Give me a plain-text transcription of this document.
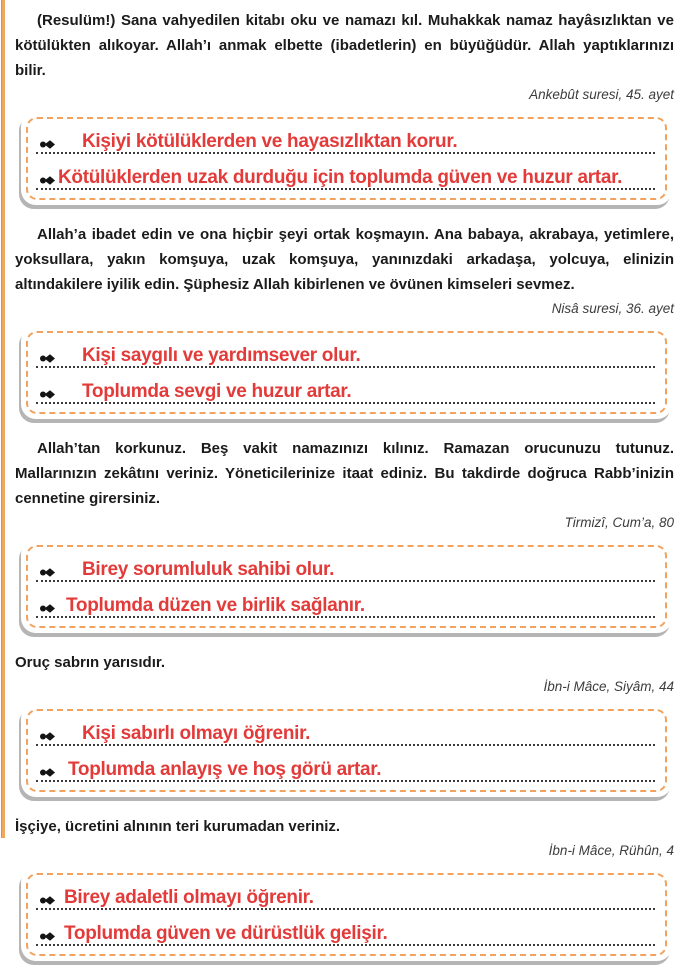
(Resulüm!) Sana vahyedilen kitabı oku ve namazı kıl. Muhakkak namaz hayâsızlıktan ve kötülükten alıkoyar. Allah’ı anmak elbette (ibadetlerin) en büyüğüdür. Allah yaptıklarınızı bilir.

Ankebût suresi, 45. ayet

Kişiyi kötülüklerden ve hayasızlıktan korur.
Kötülüklerden uzak durduğu için toplumda güven ve huzur artar.

Allah’a ibadet edin ve ona hiçbir şeyi ortak koşmayın. Ana babaya, akrabaya, yetimlere, yoksullara, yakın komşuya, uzak komşuya, yanınızdaki arkadaşa, yolcuya, elinizin altındakilere iyilik edin. Şüphesiz Allah kibirlenen ve övünen kimseleri sevmez.

Nisâ suresi, 36. ayet

Kişi saygılı ve yardımsever olur.
Toplumda sevgi ve huzur artar.

Allah’tan korkunuz. Beş vakit namazınızı kılınız. Ramazan orucunuzu tutunuz. Mallarınızın zekâtını veriniz. Yöneticilerinize itaat ediniz. Bu takdirde doğruca Rabb’inizin cennetine girersiniz.

Tirmizî, Cum’a, 80

Birey sorumluluk sahibi olur.
Toplumda düzen ve birlik sağlanır.

Oruç sabrın yarısıdır.

İbn-i Mâce, Siyâm, 44

Kişi sabırlı olmayı öğrenir.
Toplumda anlayış ve hoş görü artar.

İşçiye, ücretini alnının teri kurumadan veriniz.

İbn-i Mâce, Rühûn, 4

Birey adaletli olmayı öğrenir.
Toplumda güven ve dürüstlük gelişir.
